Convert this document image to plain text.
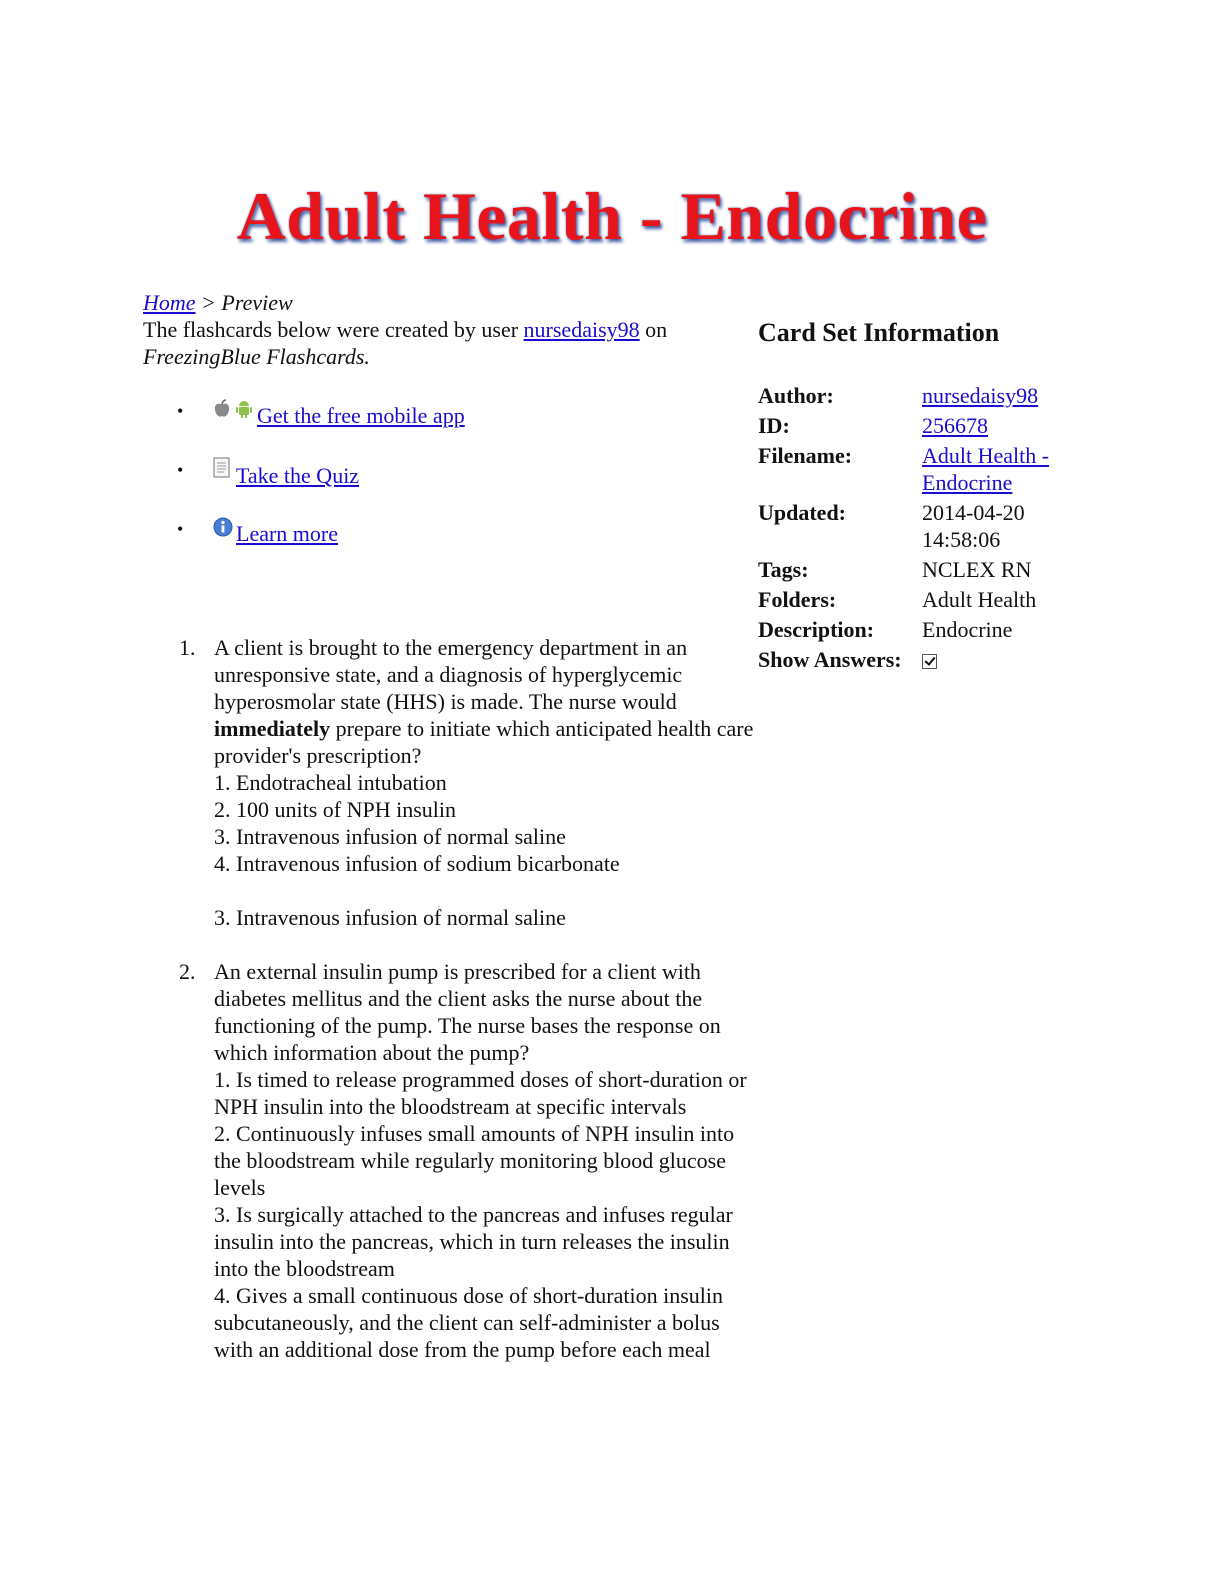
Adult Health - Endocrine
Home > Preview
The flashcards below were created by user nursedaisy98 on
FreezingBlue Flashcards.
•	Get the free mobile app
• Take the Quiz
• Learn more
1. A client is brought to the emergency department in an unresponsive state, and a diagnosis of hyperglycemic hyperosmolar state (HHS) is made. The nurse would immediately prepare to initiate which anticipated health care provider's prescription?
1. Endotracheal intubation
2. 100 units of NPH insulin
3. Intravenous infusion of normal saline
4. Intravenous infusion of sodium bicarbonate
3. Intravenous infusion of normal saline
2. An external insulin pump is prescribed for a client with diabetes mellitus and the client asks the nurse about the functioning of the pump. The nurse bases the response on which information about the pump?
1. Is timed to release programmed doses of short-duration or NPH insulin into the bloodstream at specific intervals
2. Continuously infuses small amounts of NPH insulin into the bloodstream while regularly monitoring blood glucose levels
3. Is surgically attached to the pancreas and infuses regular insulin into the pancreas, which in turn releases the insulin into the bloodstream
4. Gives a small continuous dose of short-duration insulin subcutaneously, and the client can self-administer a bolus with an additional dose from the pump before each meal
Card Set Information
Author:	nursedaisy98
ID:	256678
Filename:	Adult Health - Endocrine
Updated:	2014-04-20 14:58:06
Tags:	NCLEX RN
Folders:	Adult Health
Description:	Endocrine
Show Answers:	
